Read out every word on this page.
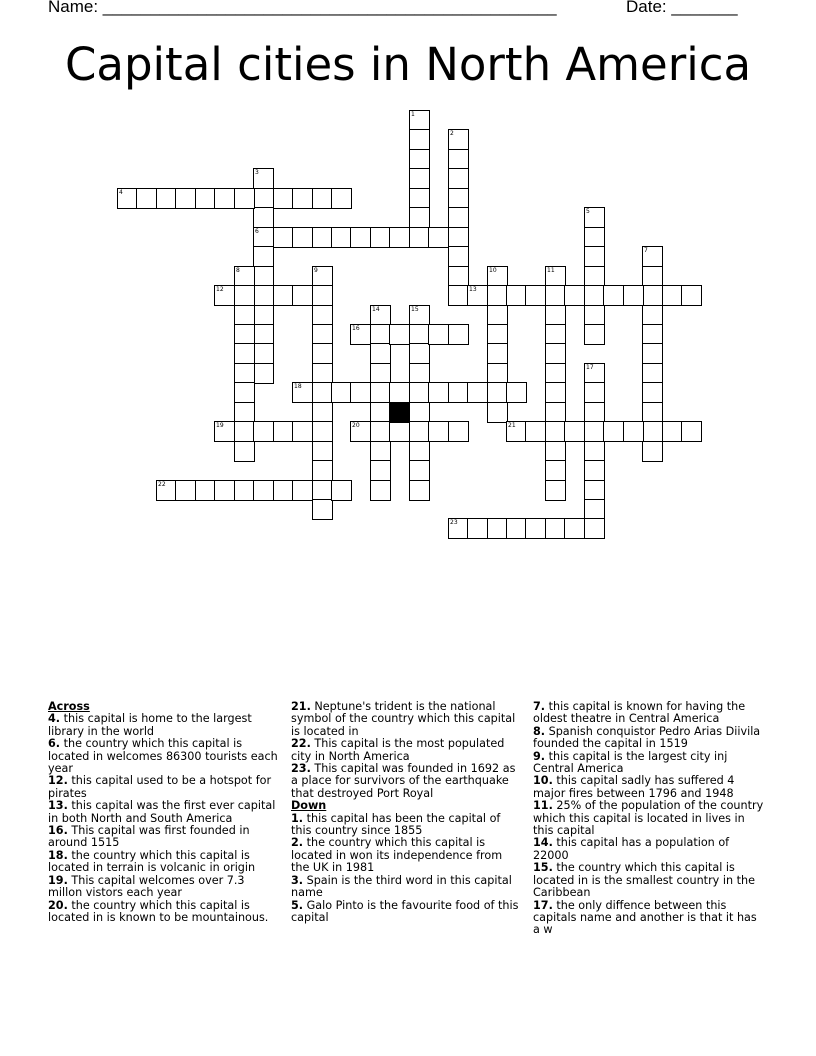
Name: ________________________________________________	Date: _______
Capital cities in North America
1
2
3
6
4
5
7
8	9	10	11
12	13
14	15
16
17
18
19	20	21
22
23

Across

4. this capital is home to the largest library in the world

6. the country which this capital is located in welcomes 86300 tourists each year

12. this capital used to be a hotspot for pirates

13. this capital was the first ever capital in both North and South America

16. This capital was first founded in around 1515

18. the country which this capital is located in terrain is volcanic in origin

19. This capital welcomes over 7.3 millon vistors each year

20. the country which this capital is located in is known to be mountainous.

21. Neptune's trident is the national symbol of the country which this capital is located in

22. This capital is the most populated city in North America

23. This capital was founded in 1692 as a place for survivors of the earthquake that destroyed Port Royal

Down

1. this capital has been the capital of this country since 1855

2. the country which this capital is located in won its independence from the UK in 1981

3. Spain is the third word in this capital name

5. Galo Pinto is the favourite food of this capital

7. this capital is known for having the oldest theatre in Central America

8. Spanish conquistor Pedro Arias Diivila founded the capital in 1519

9. this capital is the largest city inj Central America

10. this capital sadly has suffered 4 major fires between 1796 and 1948

11. 25% of the population of the country which this capital is located in lives in this capital

14. this capital has a population of 22000

15. the country which this capital is located in is the smallest country in the Caribbean

17. the only diffence between this capitals name and another is that it has a w
